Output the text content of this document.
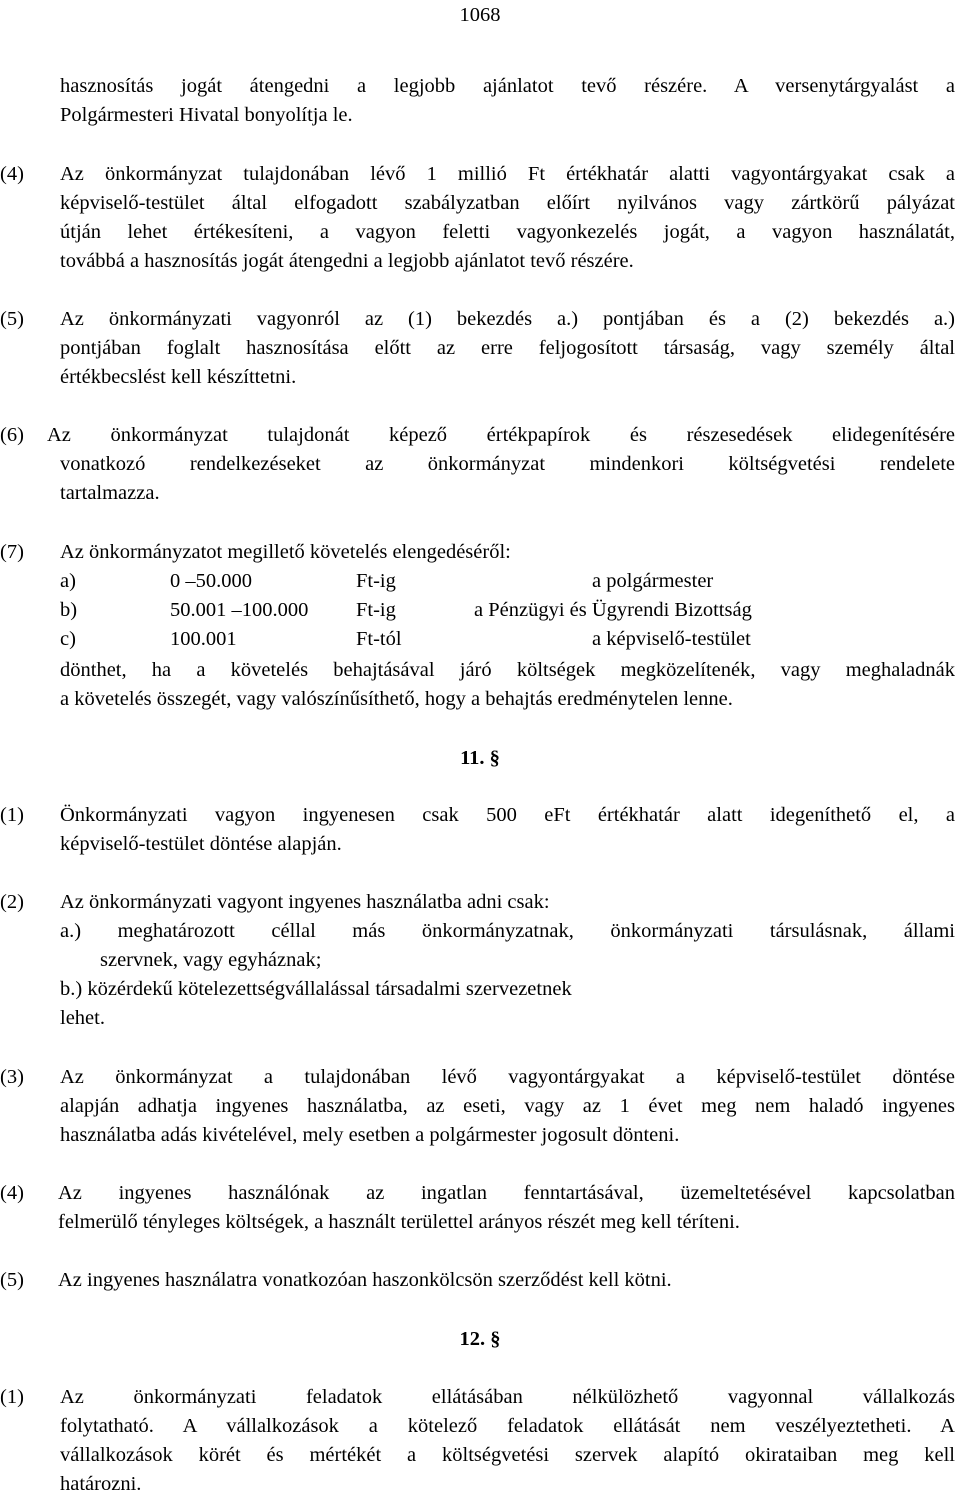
1068
hasznosítás jogát átengedni a legjobb ajánlatot tevő részére. A versenytárgyalást a
Polgármesteri Hivatal bonyolítja le.
(4) Az önkormányzat tulajdonában lévő 1 millió Ft értékhatár alatti vagyontárgyakat csak a
képviselő-testület által elfogadott szabályzatban előírt nyilvános vagy zártkörű pályázat
útján lehet értékesíteni, a vagyon feletti vagyonkezelés jogát, a vagyon használatát,
továbbá a hasznosítás jogát átengedni a legjobb ajánlatot tevő részére.
(5) Az önkormányzati vagyonról az (1) bekezdés a.) pontjában és a (2) bekezdés a.)
pontjában foglalt hasznosítása előtt az erre feljogosított társaság, vagy személy által
értékbecslést kell készíttetni.
(6) Az önkormányzat tulajdonát képező értékpapírok és részesedések elidegenítésére
vonatkozó rendelkezéseket az önkormányzat mindenkori költségvetési rendelete
tartalmazza.
(7) Az önkormányzatot megillető követelés elengedéséről:
a)	0 –50.000	Ft-ig	a polgármester
b)	50.001 –100.000 Ft-ig	a Pénzügyi és Ügyrendi Bizottság
c)	100.001	Ft-tól	a képviselő-testület
dönthet, ha a követelés behajtásával járó költségek megközelítenék, vagy meghaladnák
a követelés összegét, vagy valószínűsíthető, hogy a behajtás eredménytelen lenne.
11. §
(1) Önkormányzati vagyon ingyenesen csak 500 eFt értékhatár alatt idegeníthető el, a
képviselő-testület döntése alapján.
(2) Az önkormányzati vagyont ingyenes használatba adni csak:
a.) meghatározott céllal más önkormányzatnak, önkormányzati társulásnak, állami
szervnek, vagy egyháznak;
b.) közérdekű kötelezettségvállalással társadalmi szervezetnek
lehet.
(3) Az önkormányzat a tulajdonában lévő vagyontárgyakat a képviselő-testület döntése
alapján adhatja ingyenes használatba, az eseti, vagy az 1 évet meg nem haladó ingyenes
használatba adás kivételével, mely esetben a polgármester jogosult dönteni.
(4) Az ingyenes használónak az ingatlan fenntartásával, üzemeltetésével kapcsolatban
felmerülő tényleges költségek, a használt területtel arányos részét meg kell téríteni.
(5) Az ingyenes használatra vonatkozóan haszonkölcsön szerződést kell kötni.
12. §
(1) Az önkormányzati feladatok ellátásában nélkülözhető vagyonnal vállalkozás
folytatható. A vállalkozások a kötelező feladatok ellátását nem veszélyeztetheti. A
vállalkozások körét és mértékét a költségvetési szervek alapító okirataiban meg kell
határozni.
